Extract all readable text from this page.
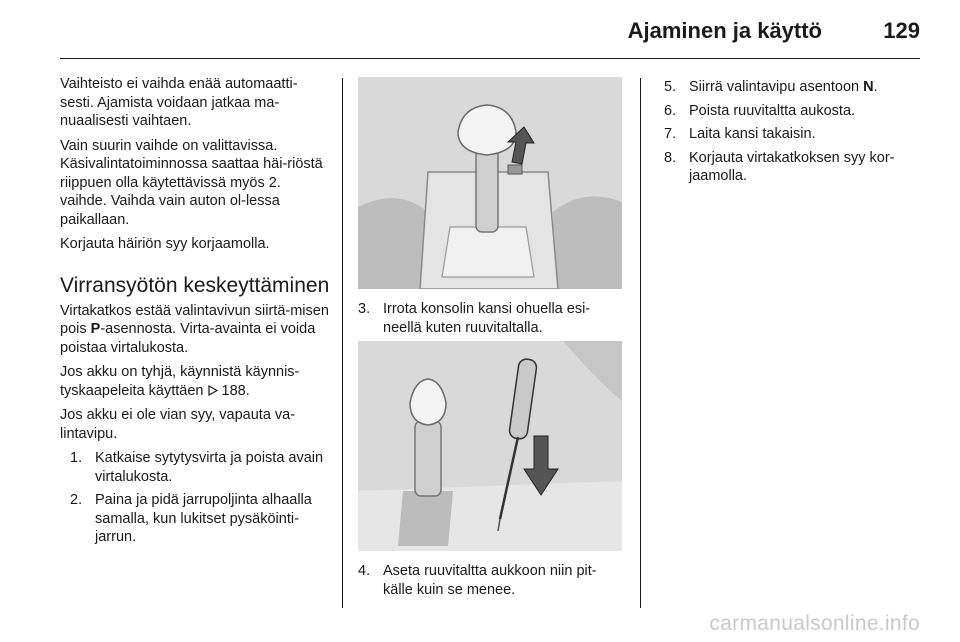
Ajaminen ja käyttö	129

Vaihteisto ei vaihda enää automaatti-sesti. Ajamista voidaan jatkaa ma-nuaalisesti vaihtaen.

Vain suurin vaihde on valittavissa. Käsivalintatoiminnossa saattaa häi-riöstä riippuen olla käytettävissä myös 2. vaihde. Vaihda vain auton ol-lessa paikallaan.

Korjauta häiriön syy korjaamolla.

Virransyötön keskeyttäminen

Virtakatkos estää valintavivun siirtä-misen pois P-asennosta. Virta-avainta ei voida poistaa virtalukosta.

Jos akku on tyhjä, käynnistä käynnis-tyskaapeleita käyttäen  188.

Jos akku ei ole vian syy, vapauta va-lintavipu.

1. Katkaise sytytysvirta ja poista avain virtalukosta.
2. Paina ja pidä jarrupoljinta alhaalla samalla, kun lukitset pysäköinti-jarrun.
3. Irrota konsolin kansi ohuella esi-neellä kuten ruuvitaltalla.
4. Aseta ruuvitaltta aukkoon niin pit-källe kuin se menee.
5. Siirrä valintavipu asentoon N.
6. Poista ruuvitaltta aukosta.
7. Laita kansi takaisin.
8. Korjauta virtakatkoksen syy kor-jaamolla.
carmanualsonline.info
